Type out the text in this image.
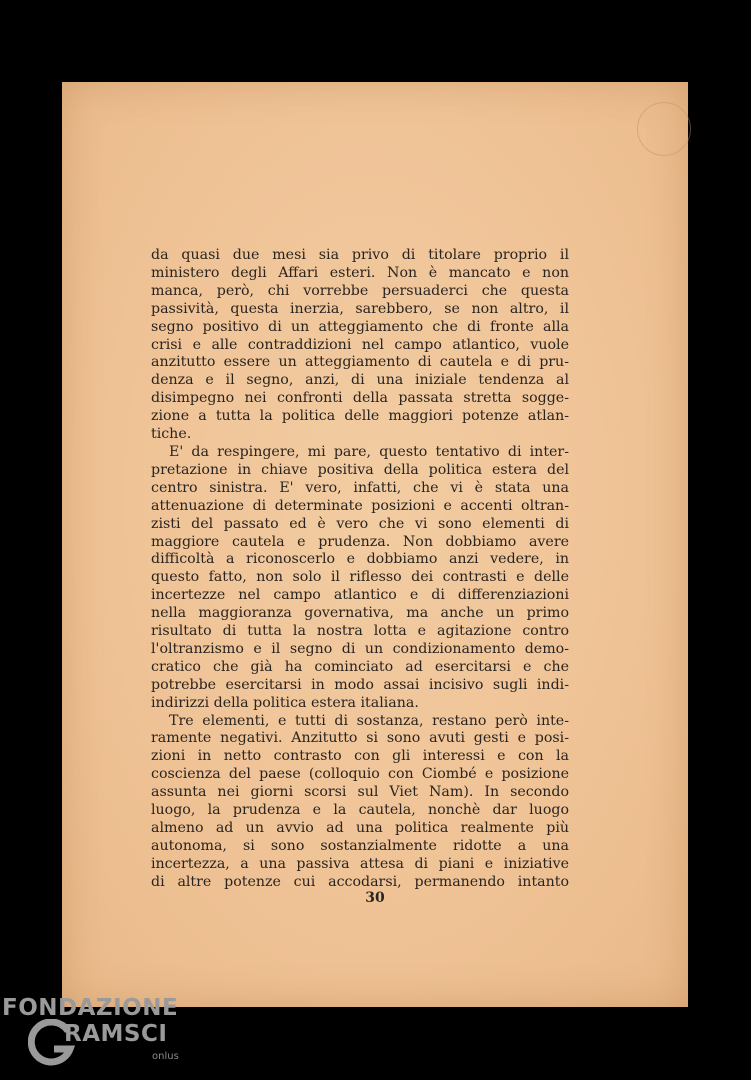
da quasi due mesi sia privo di titolare proprio il
ministero degli Affari esteri. Non è mancato e non
manca, però, chi vorrebbe persuaderci che questa
passività, questa inerzia, sarebbero, se non altro, il
segno positivo di un atteggiamento che di fronte alla
crisi e alle contraddizioni nel campo atlantico, vuole
anzitutto essere un atteggiamento di cautela e di pru-
denza e il segno, anzi, di una iniziale tendenza al
disimpegno nei confronti della passata stretta sogge-
zione a tutta la politica delle maggiori potenze atlan-
tiche.
E' da respingere, mi pare, questo tentativo di inter-
pretazione in chiave positiva della politica estera del
centro sinistra. E' vero, infatti, che vi è stata una
attenuazione di determinate posizioni e accenti oltran-
zisti del passato ed è vero che vi sono elementi di
maggiore cautela e prudenza. Non dobbiamo avere
difficoltà a riconoscerlo e dobbiamo anzi vedere, in
questo fatto, non solo il riflesso dei contrasti e delle
incertezze nel campo atlantico e di differenziazioni
nella maggioranza governativa, ma anche un primo
risultato di tutta la nostra lotta e agitazione contro
l'oltranzismo e il segno di un condizionamento demo-
cratico che già ha cominciato ad esercitarsi e che
potrebbe esercitarsi in modo assai incisivo sugli indi-
indirizzi della politica estera italiana.
Tre elementi, e tutti di sostanza, restano però inte-
ramente negativi. Anzitutto si sono avuti gesti e posi-
zioni in netto contrasto con gli interessi e con la
coscienza del paese (colloquio con Ciombé e posizione
assunta nei giorni scorsi sul Viet Nam). In secondo
luogo, la prudenza e la cautela, nonchè dar luogo
almeno ad un avvio ad una politica realmente più
autonoma, si sono sostanzialmente ridotte a una
incertezza, a una passiva attesa di piani e iniziative
di altre potenze cui accodarsi, permanendo intanto
30
FONDAZIONE
RAMSCI
onlus
